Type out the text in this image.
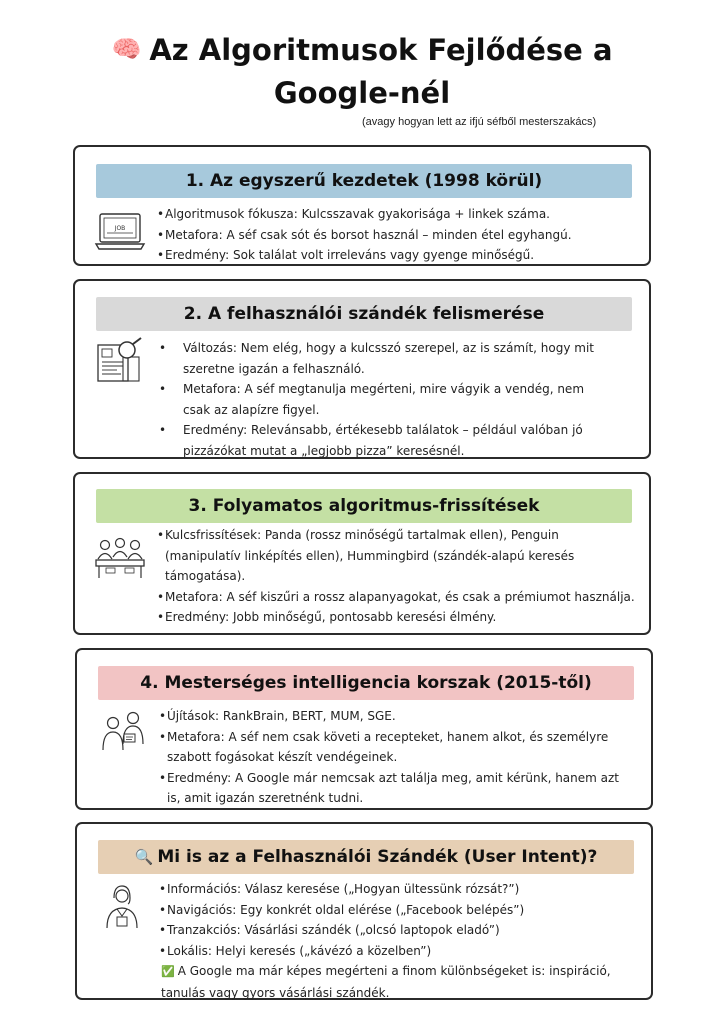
🧠 Az Algoritmusok Fejlődése a
Google-nél
(avagy hogyan lett az ifjú séfből mesterszakács)
1. Az egyszerű kezdetek (1998 körül)
JOB
• Algoritmusok fókusza: Kulcsszavak gyakorisága + linkek száma.
• Metafora: A séf csak sót és borsot használ – minden étel egyhangú.
• Eredmény: Sok találat volt irreleváns vagy gyenge minőségű.
2. A felhasználói szándék felismerése
• Változás: Nem elég, hogy a kulcsszó szerepel, az is számít, hogy mit szeretne igazán a felhasználó.
• Metafora: A séf megtanulja megérteni, mire vágyik a vendég, nem csak az alapízre figyel.
• Eredmény: Relevánsabb, értékesebb találatok – például valóban jó pizzázókat mutat a „legjobb pizza” keresésnél.
3. Folyamatos algoritmus-frissítések
• Kulcsfrissítések: Panda (rossz minőségű tartalmak ellen), Penguin (manipulatív linképítés ellen), Hummingbird (szándék-alapú keresés támogatása).
• Metafora: A séf kiszűri a rossz alapanyagokat, és csak a prémiumot használja.
• Eredmény: Jobb minőségű, pontosabb keresési élmény.
4. Mesterséges intelligencia korszak (2015-től)
• Újítások: RankBrain, BERT, MUM, SGE.
• Metafora: A séf nem csak követi a recepteket, hanem alkot, és személyre szabott fogásokat készít vendégeinek.
• Eredmény: A Google már nemcsak azt találja meg, amit kérünk, hanem azt is, amit igazán szeretnénk tudni.
🔍 Mi is az a Felhasználói Szándék (User Intent)?
• Információs: Válasz keresése („Hogyan ültessünk rózsát?”)
• Navigációs: Egy konkrét oldal elérése („Facebook belépés”)
• Tranzakciós: Vásárlási szándék („olcsó laptopok eladó”)
• Lokális: Helyi keresés („kávézó a közelben”)
✅ A Google ma már képes megérteni a finom különbségeket is: inspiráció, tanulás vagy gyors vásárlási szándék.
